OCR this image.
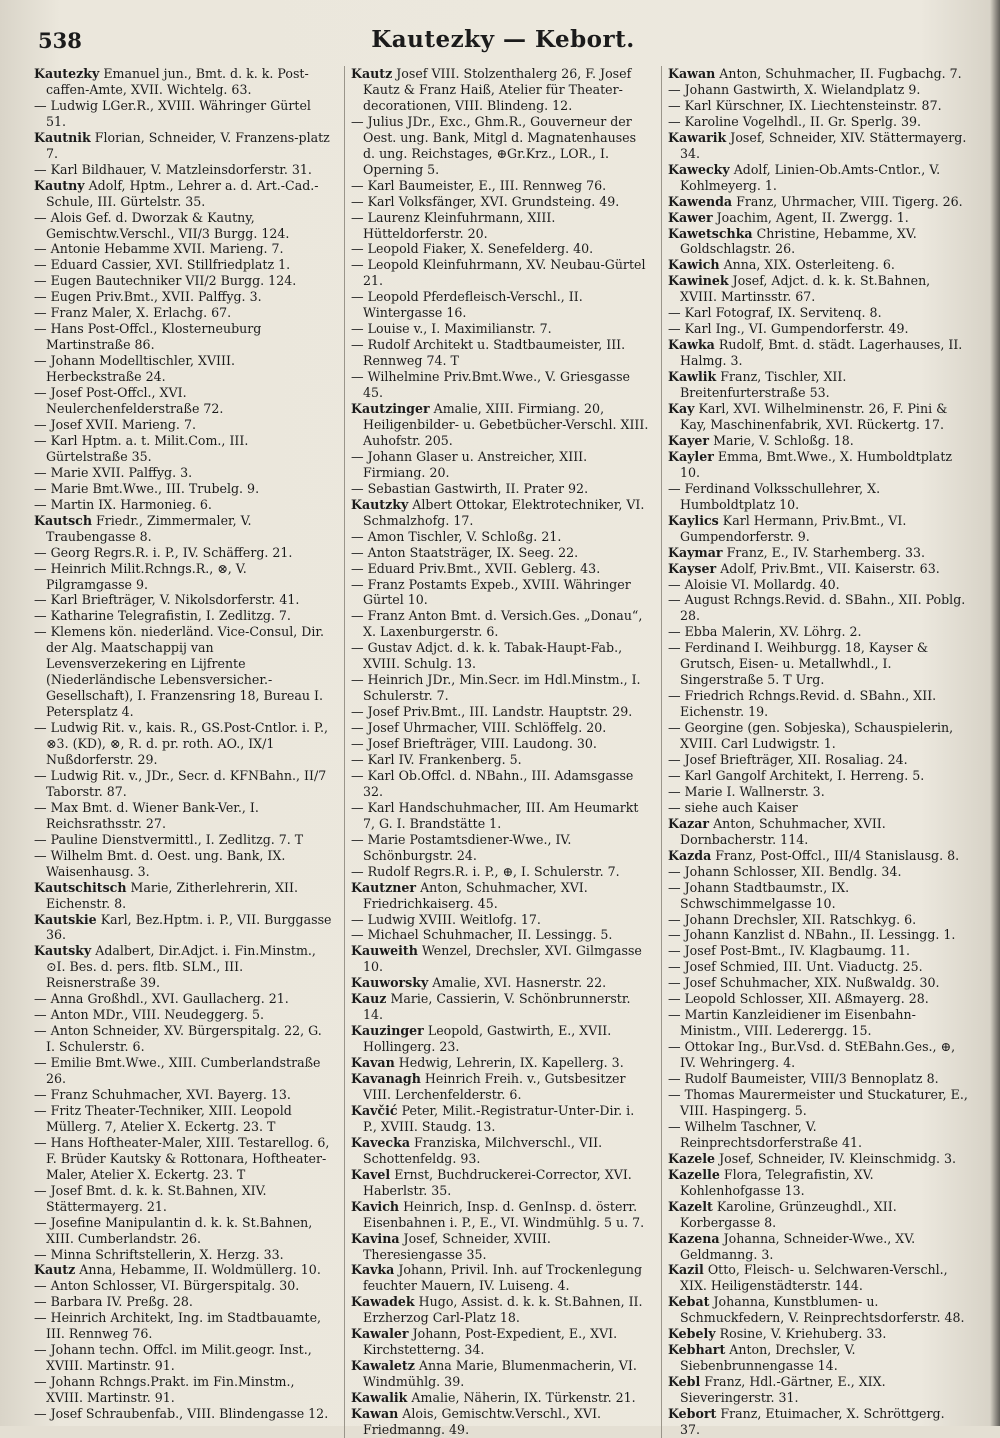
538	Kautezky — Kebort.
Kautezky Emanuel jun., Bmt. d. k. k. Post-caffen-Amte, XVII. Wichtelg. 63.
— Ludwig LGer.R., XVIII. Währinger Gürtel 51.
Kautnik Florian, Schneider, V. Franzens-platz 7.
— Karl Bildhauer, V. Matzleinsdorferstr. 31.
Kautny Adolf, Hptm., Lehrer a. d. Art.-Cad.-Schule, III. Gürtelstr. 35.
— Alois Gef. d. Dworzak & Kautny, Gemischtw.Verschl., VII/3 Burgg. 124.
— Antonie Hebamme XVII. Marieng. 7.
— Eduard Cassier, XVI. Stillfriedplatz 1.
— Eugen Bautechniker VII/2 Burgg. 124.
— Eugen Priv.Bmt., XVII. Palffyg. 3.
— Franz Maler, X. Erlachg. 67.
— Hans Post-Offcl., Klosterneuburg Martinstraße 86.
— Johann Modelltischler, XVIII. Herbeckstraße 24.
— Josef Post-Offcl., XVI. Neulerchenfelderstraße 72.
— Josef XVII. Marieng. 7.
— Karl Hptm. a. t. Milit.Com., III. Gürtelstraße 35.
— Marie XVII. Palffyg. 3.
— Marie Bmt.Wwe., III. Trubelg. 9.
— Martin IX. Harmonieg. 6.
Kautsch Friedr., Zimmermaler, V. Traubengasse 8.
— Georg Regrs.R. i. P., IV. Schäfferg. 21.
— Heinrich Milit.Rchngs.R., ⊗, V. Pilgramgasse 9.
— Karl Briefträger, V. Nikolsdorferstr. 41.
— Katharine Telegrafistin, I. Zedlitzg. 7.
— Klemens kön. niederländ. Vice-Consul, Dir. der Alg. Maatschappij van Levensverzekering en Lijfrente (Niederländische Lebensversicher.-Gesellschaft), I. Franzensring 18, Bureau I. Petersplatz 4.
— Ludwig Rit. v., kais. R., GS.Post-Cntlor. i. P., ⊗3. (KD), ⊗, R. d. pr. roth. AO., IX/1 Nußdorferstr. 29.
— Ludwig Rit. v., JDr., Secr. d. KFNBahn., II/7 Taborstr. 87.
— Max Bmt. d. Wiener Bank-Ver., I. Reichsrathsstr. 27.
— Pauline Dienstvermittl., I. Zedlitzg. 7. T
— Wilhelm Bmt. d. Oest. ung. Bank, IX. Waisenhausg. 3.
Kautschitsch Marie, Zitherlehrerin, XII. Eichenstr. 8.
Kautskie Karl, Bez.Hptm. i. P., VII. Burggasse 36.
Kautsky Adalbert, Dir.Adjct. i. Fin.Minstm., ⊙I. Bes. d. pers. fltb. SLM., III. Reisnerstraße 39.
— Anna Großhdl., XVI. Gaullacherg. 21.
— Anton MDr., VIII. Neudeggerg. 5.
— Anton Schneider, XV. Bürgerspitalg. 22, G. I. Schulerstr. 6.
— Emilie Bmt.Wwe., XIII. Cumberlandstraße 26.
— Franz Schuhmacher, XVI. Bayerg. 13.
— Fritz Theater-Techniker, XIII. Leopold Müllerg. 7, Atelier X. Eckertg. 23. T
— Hans Hoftheater-Maler, XIII. Testarellog. 6, F. Brüder Kautsky & Rottonara, Hoftheater-Maler, Atelier X. Eckertg. 23. T
— Josef Bmt. d. k. k. St.Bahnen, XIV. Stättermayerg. 21.
— Josefine Manipulantin d. k. k. St.Bahnen, XIII. Cumberlandstr. 26.
— Minna Schriftstellerin, X. Herzg. 33.
Kautz Anna, Hebamme, II. Woldmüllerg. 10.
— Anton Schlosser, VI. Bürgerspitalg. 30.
— Barbara IV. Preßg. 28.
— Heinrich Architekt, Ing. im Stadtbauamte, III. Rennweg 76.
— Johann techn. Offcl. im Milit.geogr. Inst., XVIII. Martinstr. 91.
— Johann Rchngs.Prakt. im Fin.Minstm., XVIII. Martinstr. 91.
— Josef Schraubenfab., VIII. Blindengasse 12.
Kautz Josef VIII. Stolzenthalerg 26, F. Josef Kautz & Franz Haiß, Atelier für Theater-decorationen, VIII. Blindeng. 12.
— Julius JDr., Exc., Ghm.R., Gouverneur der Oest. ung. Bank, Mitgl d. Magnatenhauses d. ung. Reichstages, ⊕Gr.Krz., LOR., I. Operning 5.
— Karl Baumeister, E., III. Rennweg 76.
— Karl Volksfänger, XVI. Grundsteing. 49.
— Laurenz Kleinfuhrmann, XIII. Hütteldorferstr. 20.
— Leopold Fiaker, X. Senefelderg. 40.
— Leopold Kleinfuhrmann, XV. Neubau-Gürtel 21.
— Leopold Pferdefleisch-Verschl., II. Wintergasse 16.
— Louise v., I. Maximilianstr. 7.
— Rudolf Architekt u. Stadtbaumeister, III. Rennweg 74. T
— Wilhelmine Priv.Bmt.Wwe., V. Griesgasse 45.
Kautzinger Amalie, XIII. Firmiang. 20, Heiligenbilder- u. Gebetbücher-Verschl. XIII. Auhofstr. 205.
— Johann Glaser u. Anstreicher, XIII. Firmiang. 20.
— Sebastian Gastwirth, II. Prater 92.
Kautzky Albert Ottokar, Elektrotechniker, VI. Schmalzhofg. 17.
— Amon Tischler, V. Schloßg. 21.
— Anton Staatsträger, IX. Seeg. 22.
— Eduard Priv.Bmt., XVII. Geblerg. 43.
— Franz Postamts Expeb., XVIII. Währinger Gürtel 10.
— Franz Anton Bmt. d. Versich.Ges. „Donau“, X. Laxenburgerstr. 6.
— Gustav Adjct. d. k. k. Tabak-Haupt-Fab., XVIII. Schulg. 13.
— Heinrich JDr., Min.Secr. im Hdl.Minstm., I. Schulerstr. 7.
— Josef Priv.Bmt., III. Landstr. Hauptstr. 29.
— Josef Uhrmacher, VIII. Schlöffelg. 20.
— Josef Briefträger, VIII. Laudong. 30.
— Karl IV. Frankenberg. 5.
— Karl Ob.Offcl. d. NBahn., III. Adamsgasse 32.
— Karl Handschuhmacher, III. Am Heumarkt 7, G. I. Brandstätte 1.
— Marie Postamtsdiener-Wwe., IV. Schönburgstr. 24.
— Rudolf Regrs.R. i. P., ⊕, I. Schulerstr. 7.
Kautzner Anton, Schuhmacher, XVI. Friedrichkaiserg. 45.
— Ludwig XVIII. Weitlofg. 17.
— Michael Schuhmacher, II. Lessingg. 5.
Kauweith Wenzel, Drechsler, XVI. Gilmgasse 10.
Kauworsky Amalie, XVI. Hasnerstr. 22.
Kauz Marie, Cassierin, V. Schönbrunnerstr. 14.
Kauzinger Leopold, Gastwirth, E., XVII. Hollingerg. 23.
Kavan Hedwig, Lehrerin, IX. Kapellerg. 3.
Kavanagh Heinrich Freih. v., Gutsbesitzer VIII. Lerchenfelderstr. 6.
Kavčić Peter, Milit.-Registratur-Unter-Dir. i. P., XVIII. Staudg. 13.
Kavecka Franziska, Milchverschl., VII. Schottenfeldg. 93.
Kavel Ernst, Buchdruckerei-Corrector, XVI. Haberlstr. 35.
Kavich Heinrich, Insp. d. GenInsp. d. österr. Eisenbahnen i. P., E., VI. Windmühlg. 5 u. 7.
Kavina Josef, Schneider, XVIII. Theresiengasse 35.
Kavka Johann, Privil. Inh. auf Trockenlegung feuchter Mauern, IV. Luiseng. 4.
Kawadek Hugo, Assist. d. k. k. St.Bahnen, II. Erzherzog Carl-Platz 18.
Kawaler Johann, Post-Expedient, E., XVI. Kirchstetterng. 34.
Kawaletz Anna Marie, Blumenmacherin, VI. Windmühlg. 39.
Kawalik Amalie, Näherin, IX. Türkenstr. 21.
Kawan Alois, Gemischtw.Verschl., XVI. Friedmanng. 49.
Kawan Anton, Schuhmacher, II. Fugbachg. 7.
— Johann Gastwirth, X. Wielandplatz 9.
— Karl Kürschner, IX. Liechtensteinstr. 87.
— Karoline Vogelhdl., II. Gr. Sperlg. 39.
Kawarik Josef, Schneider, XIV. Stättermayerg. 34.
Kawecky Adolf, Linien-Ob.Amts-Cntlor., V. Kohlmeyerg. 1.
Kawenda Franz, Uhrmacher, VIII. Tigerg. 26.
Kawer Joachim, Agent, II. Zwergg. 1.
Kawetschka Christine, Hebamme, XV. Goldschlagstr. 26.
Kawich Anna, XIX. Osterleiteng. 6.
Kawinek Josef, Adjct. d. k. k. St.Bahnen, XVIII. Martinsstr. 67.
— Karl Fotograf, IX. Servitenq. 8.
— Karl Ing., VI. Gumpendorferstr. 49.
Kawka Rudolf, Bmt. d. städt. Lagerhauses, II. Halmg. 3.
Kawlik Franz, Tischler, XII. Breitenfurterstraße 53.
Kay Karl, XVI. Wilhelminenstr. 26, F. Pini & Kay, Maschinenfabrik, XVI. Rückertg. 17.
Kayer Marie, V. Schloßg. 18.
Kayler Emma, Bmt.Wwe., X. Humboldtplatz 10.
— Ferdinand Volksschullehrer, X. Humboldtplatz 10.
Kaylics Karl Hermann, Priv.Bmt., VI. Gumpendorferstr. 9.
Kaymar Franz, E., IV. Starhemberg. 33.
Kayser Adolf, Priv.Bmt., VII. Kaiserstr. 63.
— Aloisie VI. Mollardg. 40.
— August Rchngs.Revid. d. SBahn., XII. Poblg. 28.
— Ebba Malerin, XV. Löhrg. 2.
— Ferdinand I. Weihburgg. 18, Kayser & Grutsch, Eisen- u. Metallwhdl., I. Singerstraße 5. T Urg.
— Friedrich Rchngs.Revid. d. SBahn., XII. Eichenstr. 19.
— Georgine (gen. Sobjeska), Schauspielerin, XVIII. Carl Ludwigstr. 1.
— Josef Briefträger, XII. Rosaliag. 24.
— Karl Gangolf Architekt, I. Herreng. 5.
— Marie I. Wallnerstr. 3.
— siehe auch Kaiser
Kazar Anton, Schuhmacher, XVII. Dornbacherstr. 114.
Kazda Franz, Post-Offcl., III/4 Stanislausg. 8.
— Johann Schlosser, XII. Bendlg. 34.
— Johann Stadtbaumstr., IX. Schwschimmelgasse 10.
— Johann Drechsler, XII. Ratschkyg. 6.
— Johann Kanzlist d. NBahn., II. Lessingg. 1.
— Josef Post-Bmt., IV. Klagbaumg. 11.
— Josef Schmied, III. Unt. Viaductg. 25.
— Josef Schuhmacher, XIX. Nußwaldg. 30.
— Leopold Schlosser, XII. Aßmayerg. 28.
— Martin Kanzleidiener im Eisenbahn-Ministm., VIII. Lederergg. 15.
— Ottokar Ing., Bur.Vsd. d. StEBahn.Ges., ⊕, IV. Wehringerg. 4.
— Rudolf Baumeister, VIII/3 Bennoplatz 8.
— Thomas Maurermeister und Stuckaturer, E., VIII. Haspingerg. 5.
— Wilhelm Taschner, V. Reinprechtsdorferstraße 41.
Kazele Josef, Schneider, IV. Kleinschmidg. 3.
Kazelle Flora, Telegrafistin, XV. Kohlenhofgasse 13.
Kazelt Karoline, Grünzeughdl., XII. Korbergasse 8.
Kazena Johanna, Schneider-Wwe., XV. Geldmanng. 3.
Kazil Otto, Fleisch- u. Selchwaren-Verschl., XIX. Heiligenstädterstr. 144.
Kebat Johanna, Kunstblumen- u. Schmuckfedern, V. Reinprechtsdorferstr. 48.
Kebely Rosine, V. Kriehuberg. 33.
Kebhart Anton, Drechsler, V. Siebenbrunnengasse 14.
Kebl Franz, Hdl.-Gärtner, E., XIX. Sieveringerstr. 31.
Kebort Franz, Etuimacher, X. Schröttgerg. 37.
